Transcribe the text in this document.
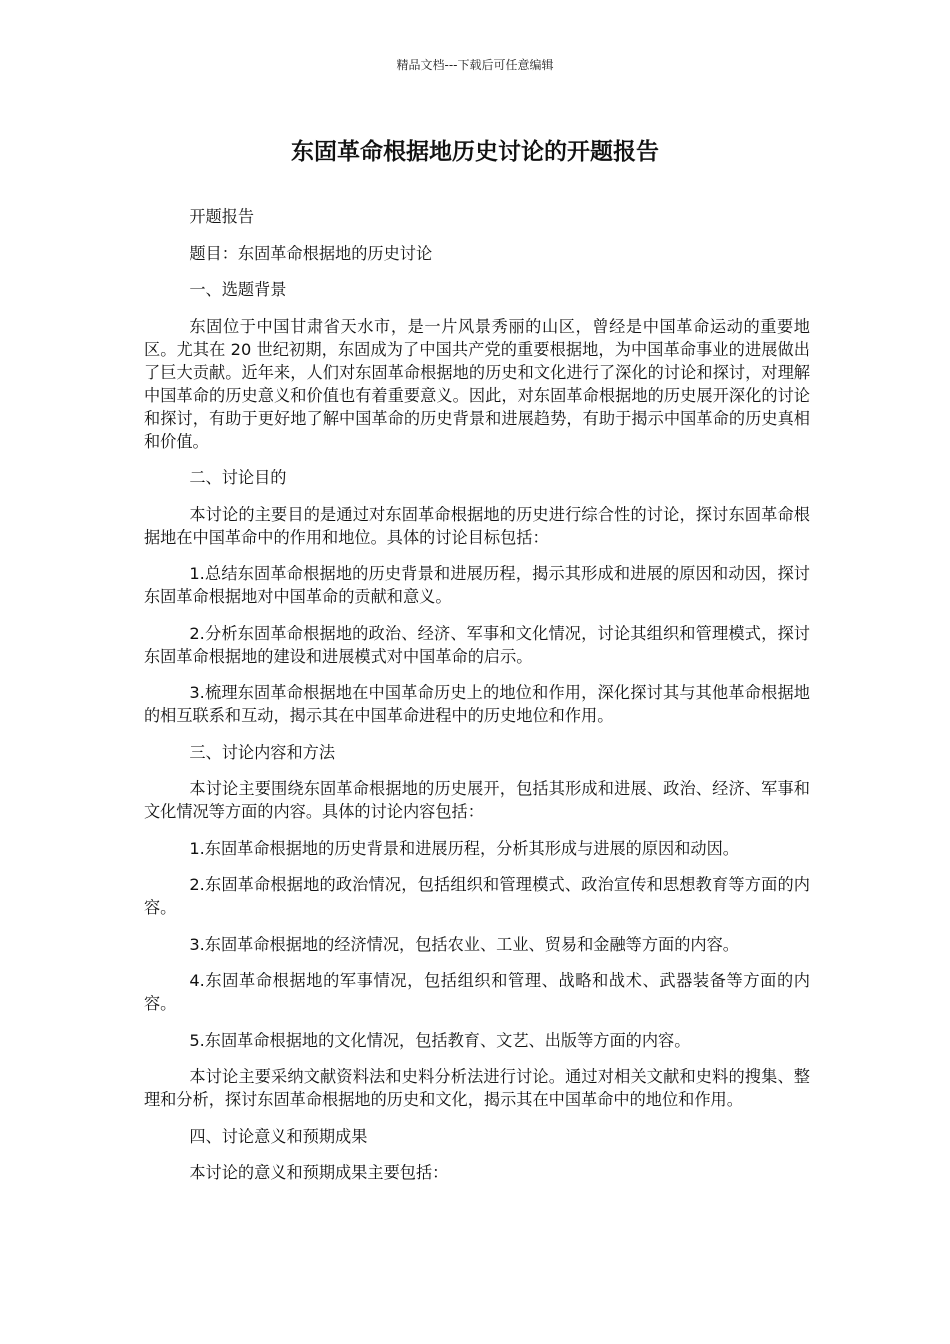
精品文档---下载后可任意编辑
东固革命根据地历史讨论的开题报告

开题报告

题目：东固革命根据地的历史讨论

一、选题背景

东固位于中国甘肃省天水市，是一片风景秀丽的山区，曾经是中国革命运动的重要地区。尤其在 20 世纪初期，东固成为了中国共产党的重要根据地，为中国革命事业的进展做出了巨大贡献。近年来，人们对东固革命根据地的历史和文化进行了深化的讨论和探讨，对理解中国革命的历史意义和价值也有着重要意义。因此，对东固革命根据地的历史展开深化的讨论和探讨，有助于更好地了解中国革命的历史背景和进展趋势，有助于揭示中国革命的历史真相和价值。

二、讨论目的

本讨论的主要目的是通过对东固革命根据地的历史进行综合性的讨论，探讨东固革命根据地在中国革命中的作用和地位。具体的讨论目标包括：

1.总结东固革命根据地的历史背景和进展历程，揭示其形成和进展的原因和动因，探讨东固革命根据地对中国革命的贡献和意义。

2.分析东固革命根据地的政治、经济、军事和文化情况，讨论其组织和管理模式，探讨东固革命根据地的建设和进展模式对中国革命的启示。

3.梳理东固革命根据地在中国革命历史上的地位和作用，深化探讨其与其他革命根据地的相互联系和互动，揭示其在中国革命进程中的历史地位和作用。

三、讨论内容和方法

本讨论主要围绕东固革命根据地的历史展开，包括其形成和进展、政治、经济、军事和文化情况等方面的内容。具体的讨论内容包括：

1.东固革命根据地的历史背景和进展历程，分析其形成与进展的原因和动因。

2.东固革命根据地的政治情况，包括组织和管理模式、政治宣传和思想教育等方面的内容。

3.东固革命根据地的经济情况，包括农业、工业、贸易和金融等方面的内容。

4.东固革命根据地的军事情况，包括组织和管理、战略和战术、武器装备等方面的内容。

5.东固革命根据地的文化情况，包括教育、文艺、出版等方面的内容。

本讨论主要采纳文献资料法和史料分析法进行讨论。通过对相关文献和史料的搜集、整理和分析，探讨东固革命根据地的历史和文化，揭示其在中国革命中的地位和作用。

四、讨论意义和预期成果

本讨论的意义和预期成果主要包括：
